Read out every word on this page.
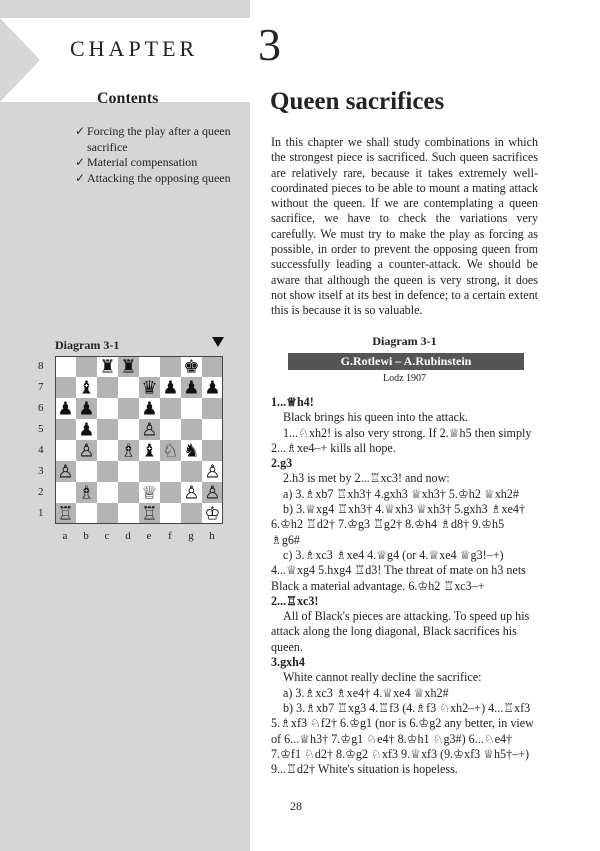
CHAPTER 3
Contents
✓ Forcing the play after a queen sacrifice
✓ Material compensation
✓ Attacking the opposing queen
Queen sacrifices
In this chapter we shall study combinations in which the strongest piece is sacrificed. Such queen sacrifices are relatively rare, because it takes extremely well-coordinated pieces to be able to mount a mating attack without the queen. If we are contemplating a queen sacrifice, we have to check the variations very carefully. We must try to make the play as forcing as possible, in order to prevent the opposing queen from successfully leading a counter-attack. We should be aware that although the queen is very strong, it does not show itself at its best in defence; to a certain extent this is because it is so valuable.
Diagram 3-1
8
7
6
5
4
3
2
1
a	b	c	d	e	f	g	h
♜ ♜	♚
♝	♛ ♟ ♟ ♟
♟ ♟	♟
♟	♙
♙ ♗ ♝ ♘ ♞
♙	♙
♗	♕ ♙ ♙
♖	♖	♔
Diagram 3-1
G.Rotlewi – A.Rubinstein
Lodz 1907
1...♕h4!
Black brings his queen into the attack.
1...♘xh2! is also very strong. If 2.♕h5 then simply
2...♗xe4–+ kills all hope.
2.g3
2.h3 is met by 2...♖xc3! and now:
a) 3.♗xb7 ♖xh3† 4.gxh3 ♕xh3† 5.♔h2 ♕xh2#
b) 3.♕xg4 ♖xh3† 4.♕xh3 ♕xh3† 5.gxh3 ♗xe4†
6.♔h2 ♖d2† 7.♔g3 ♖g2† 8.♔h4 ♗d8† 9.♔h5
♗g6#
c) 3.♗xc3 ♗xe4 4.♕g4 (or 4.♕xe4 ♕g3!–+)
4...♕xg4 5.hxg4 ♖d3! The threat of mate on h3 nets
Black a material advantage. 6.♔h2 ♖xc3–+
2...♖xc3!
All of Black's pieces are attacking. To speed up his
attack along the long diagonal, Black sacrifices his
queen.
3.gxh4
White cannot really decline the sacrifice:
a) 3.♗xc3 ♗xe4† 4.♕xe4 ♕xh2#
b) 3.♗xb7 ♖xg3 4.♖f3 (4.♗f3 ♘xh2–+) 4...♖xf3
5.♗xf3 ♘f2† 6.♔g1 (nor is 6.♔g2 any better, in view
of 6...♕h3† 7.♔g1 ♘e4† 8.♔h1 ♘g3#) 6...♘e4†
7.♔f1 ♘d2† 8.♔g2 ♘xf3 9.♕xf3 (9.♔xf3 ♕h5†–+)
9...♖d2† White's situation is hopeless.
28
